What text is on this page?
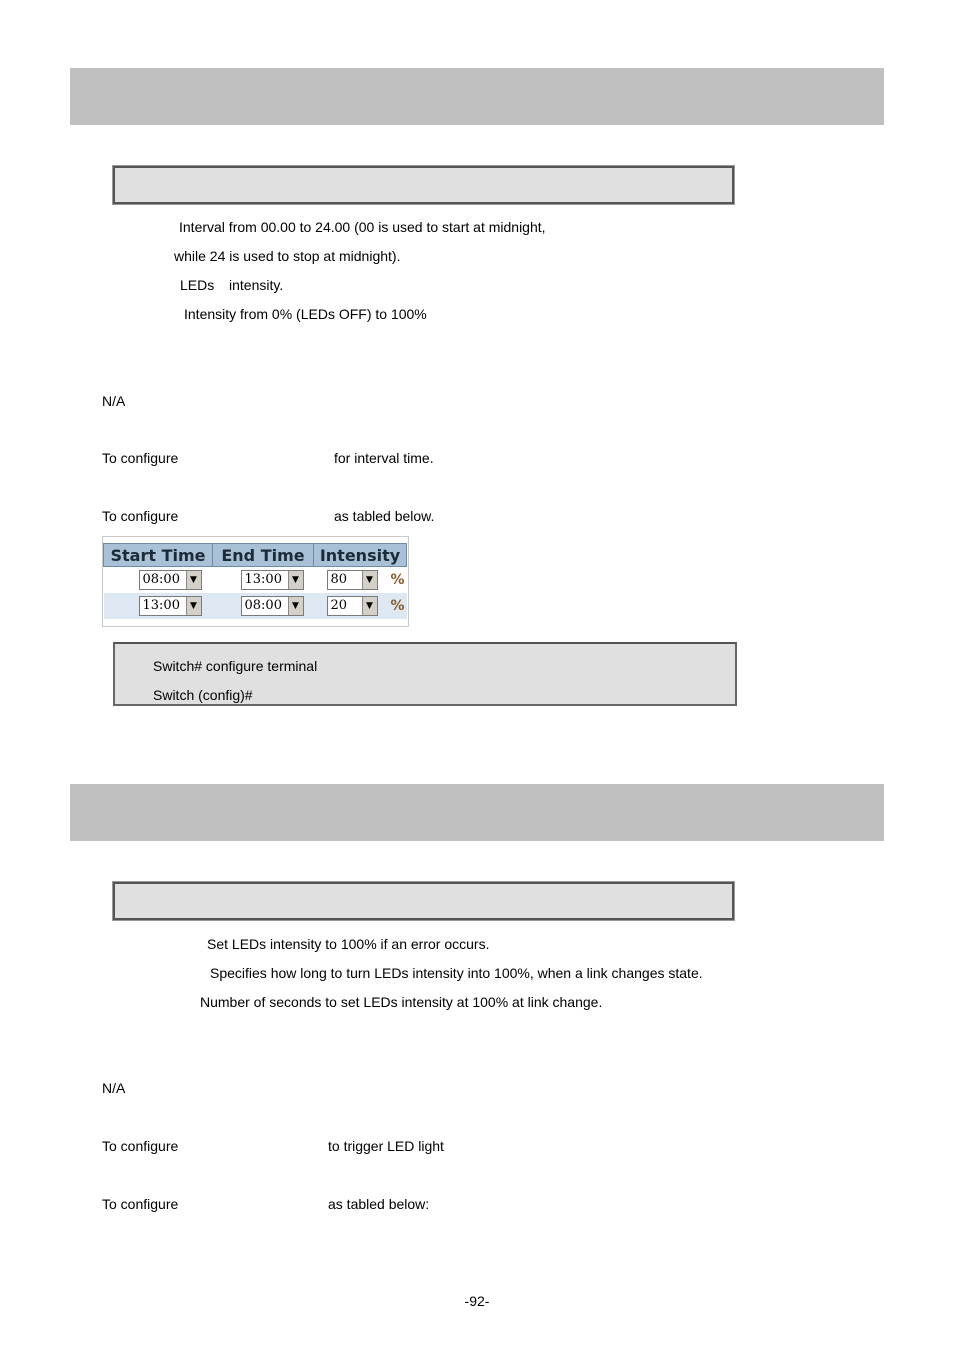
Interval from 00.00 to 24.00 (00 is used to start at midnight,
while 24 is used to stop at midnight).
LEDs intensity.
Intensity from 0% (LEDs OFF) to 100%
N/A
To configure	for interval time.
To configure	as tabled below.
Start Time	End Time	Intensity

08:00 ▼	13:00 ▼	80 ▼ %

13:00 ▼	08:00 ▼	20 ▼ %
Switch# configure terminal
Switch (config)#
Set LEDs intensity to 100% if an error occurs.
Specifies how long to turn LEDs intensity into 100%, when a link changes state.
Number of seconds to set LEDs intensity at 100% at link change.
N/A
To configure	to trigger LED light
To configure	as tabled below:
-92-
